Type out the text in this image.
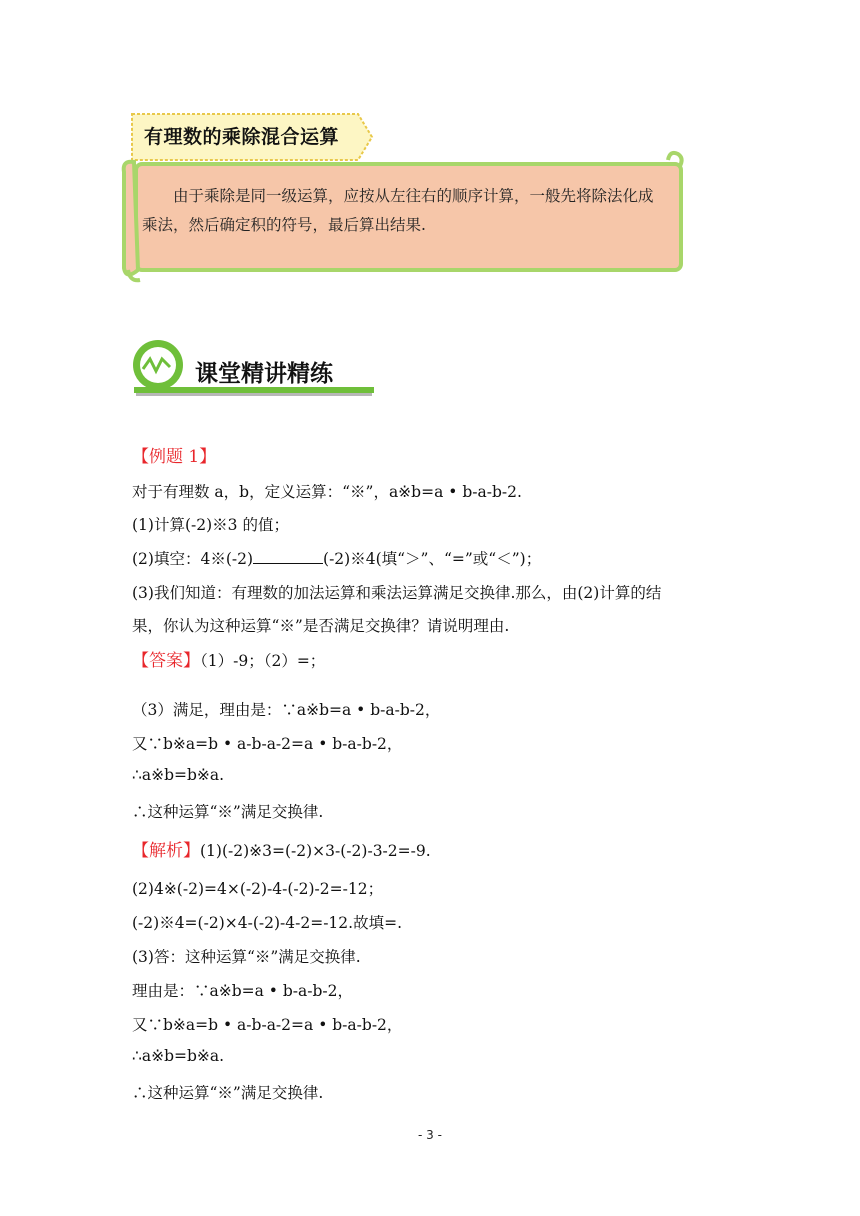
有理数的乘除混合运算
由于乘除是同一级运算，应按从左往右的顺序计算，一般先将除法化成乘法，然后确定积的符号，最后算出结果.
课堂精讲精练
【例题 1】
对于有理数 a，b，定义运算：“※”，a※b=a • b-a-b-2.
(1)计算(-2)※3 的值；
(2)填空：4※(-2)	(-2)※4(填“＞”、“=”或“＜”)；
(3)我们知道：有理数的加法运算和乘法运算满足交换律.那么，由(2)计算的结
果，你认为这种运算“※”是否满足交换律？请说明理由.
【答案】（1）-9；（2）=；
（3）满足，理由是：∵a※b=a • b-a-b-2，
又∵b※a=b • a-b-a-2=a • b-a-b-2，
∴a※b=b※a.
∴这种运算“※”满足交换律.
【解析】(1)(-2)※3=(-2)×3-(-2)-3-2=-9.
(2)4※(-2)=4×(-2)-4-(-2)-2=-12；
(-2)※4=(-2)×4-(-2)-4-2=-12.故填=.
(3)答：这种运算“※”满足交换律.
理由是：∵a※b=a • b-a-b-2，
又∵b※a=b • a-b-a-2=a • b-a-b-2，
∴a※b=b※a.
∴这种运算“※”满足交换律.
- 3 -
